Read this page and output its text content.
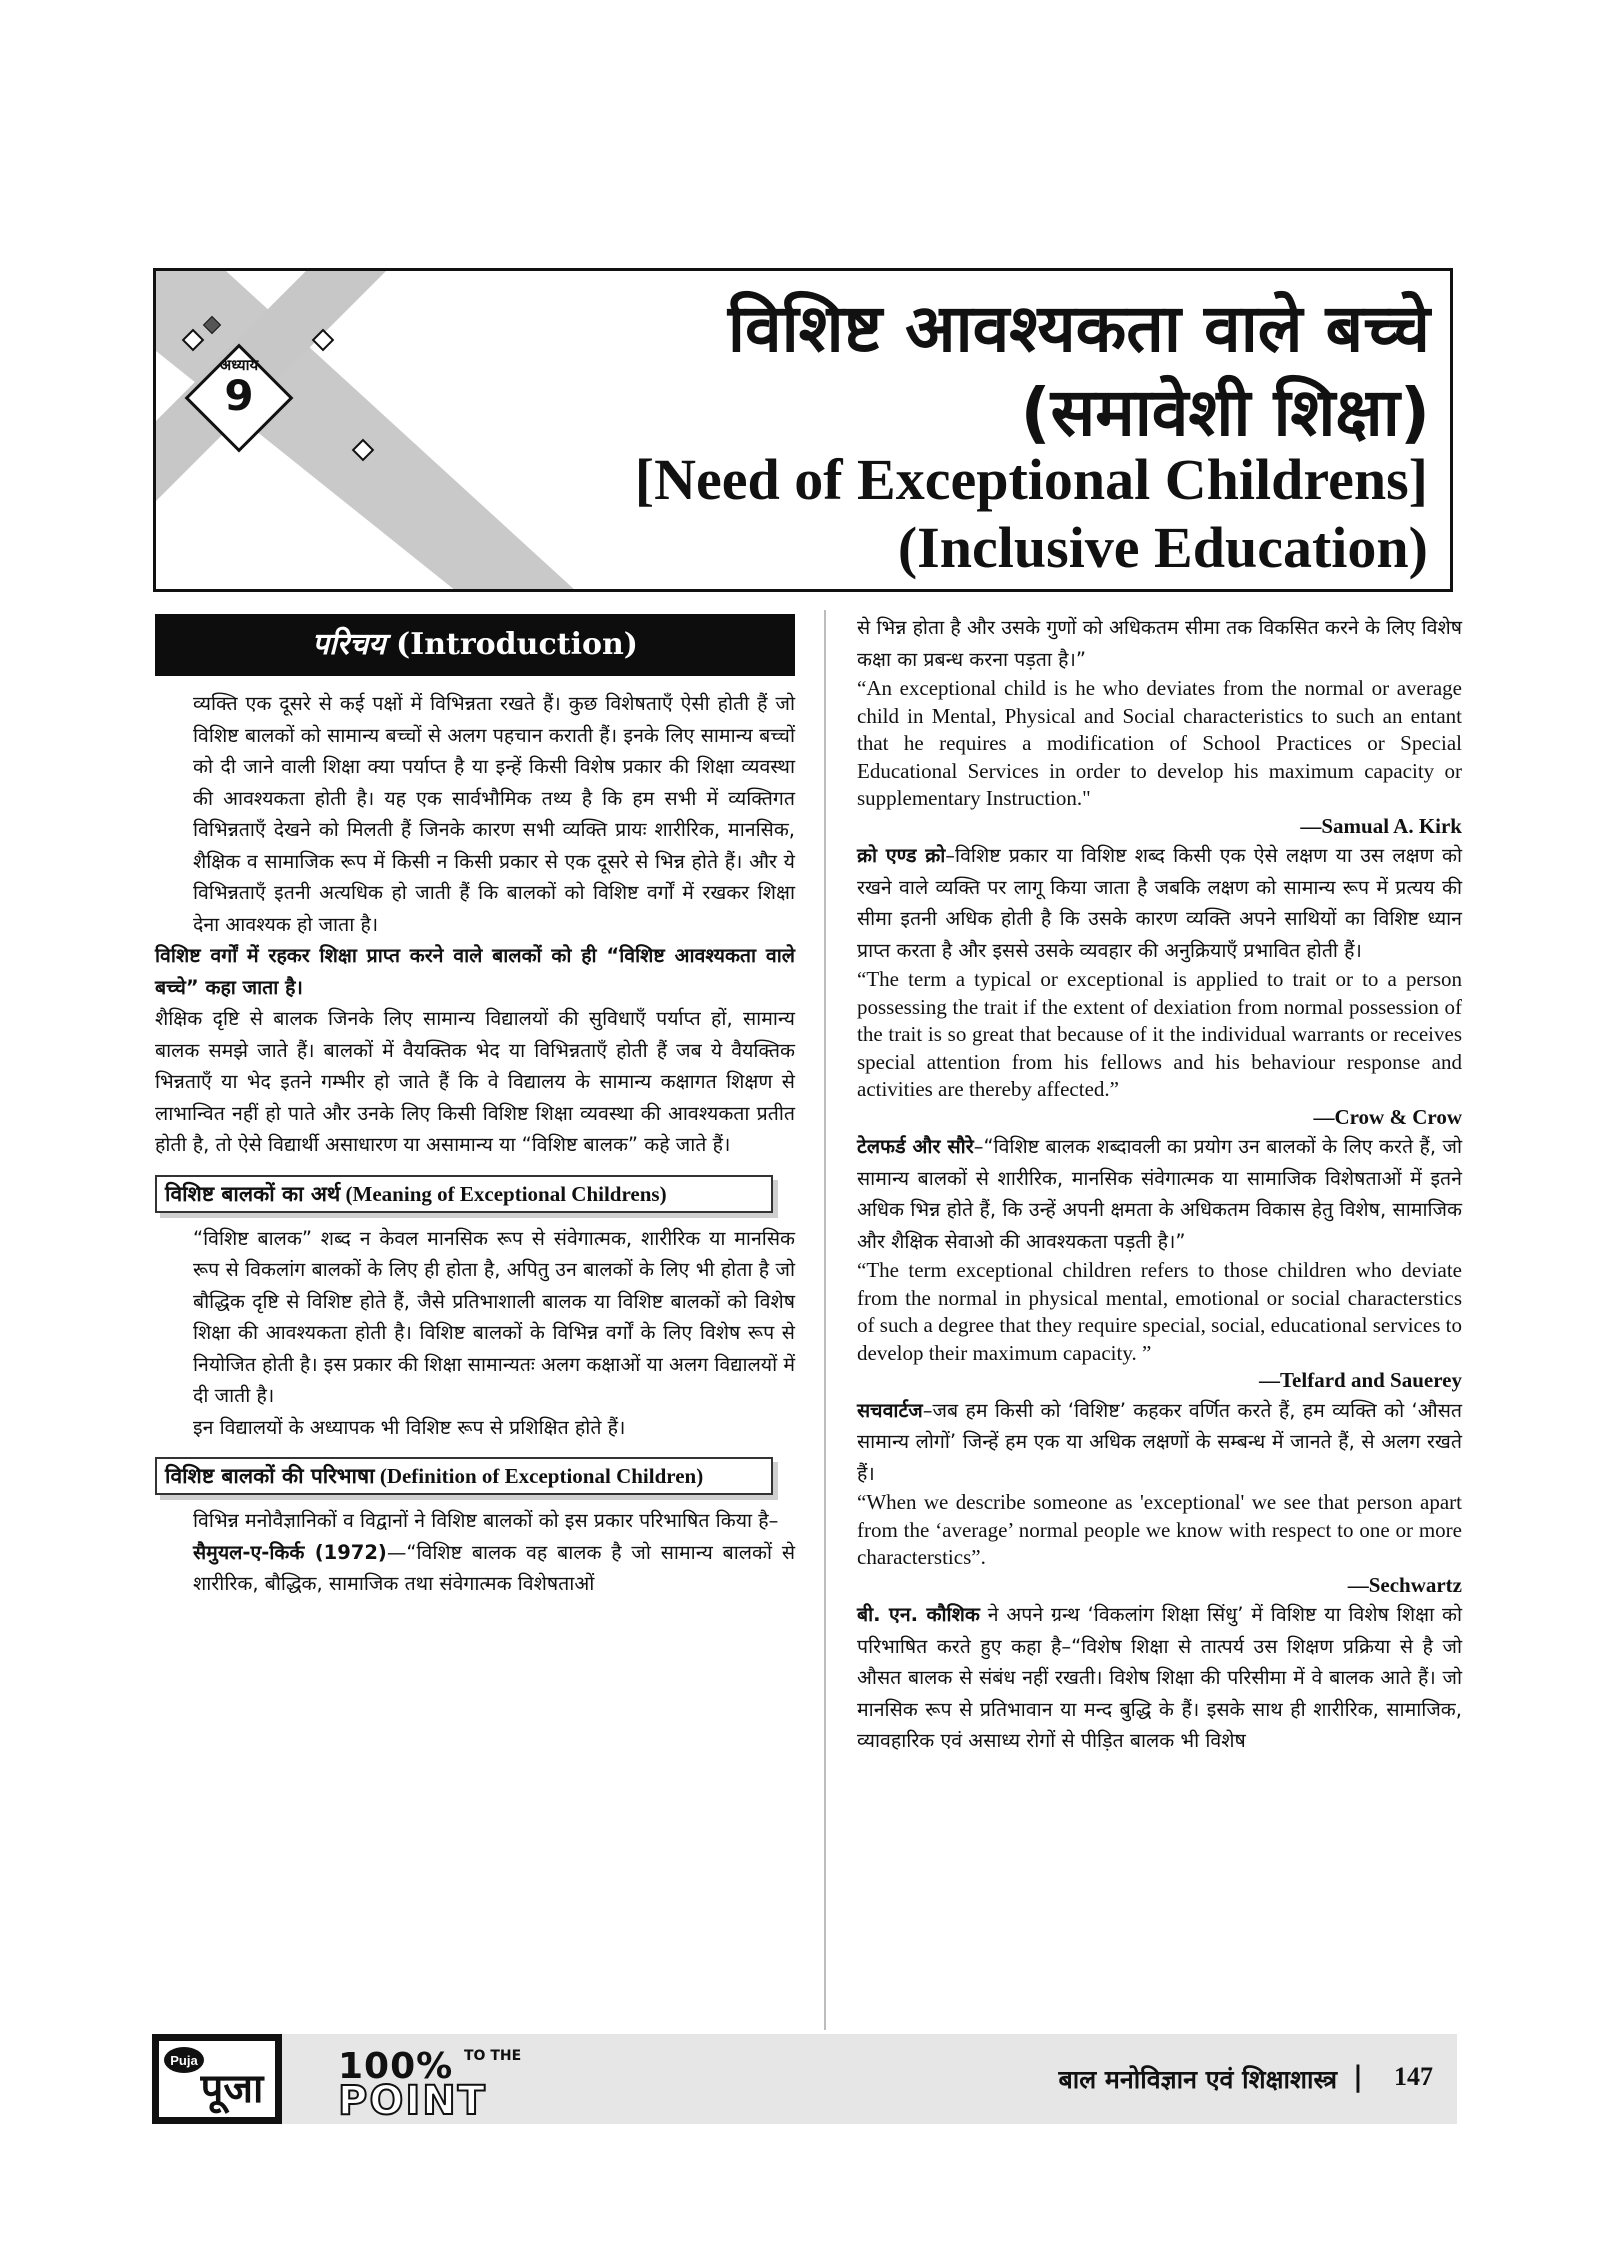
अध्याय
9
विशिष्ट आवश्यकता वाले बच्चे
(समावेशी शिक्षा)
[Need of Exceptional Childrens]
(Inclusive Education)
परिचय (Introduction)

व्यक्ति एक दूसरे से कई पक्षों में विभिन्नता रखते हैं। कुछ विशेषताएँ ऐसी होती हैं जो विशिष्ट बालकों को सामान्य बच्चों से अलग पहचान कराती हैं। इनके लिए सामान्य बच्चों को दी जाने वाली शिक्षा क्या पर्याप्त है या इन्हें किसी विशेष प्रकार की शिक्षा व्यवस्था की आवश्यकता होती है। यह एक सार्वभौमिक तथ्य है कि हम सभी में व्यक्तिगत विभिन्नताएँ देखने को मिलती हैं जिनके कारण सभी व्यक्ति प्रायः शारीरिक, मानसिक, शैक्षिक व सामाजिक रूप में किसी न किसी प्रकार से एक दूसरे से भिन्न होते हैं। और ये विभिन्नताएँ इतनी अत्यधिक हो जाती हैं कि बालकों को विशिष्ट वर्गों में रखकर शिक्षा देना आवश्यक हो जाता है।

विशिष्ट वर्गों में रहकर शिक्षा प्राप्त करने वाले बालकों को ही “विशिष्ट आवश्यकता वाले बच्चे” कहा जाता है।

शैक्षिक दृष्टि से बालक जिनके लिए सामान्य विद्यालयों की सुविधाएँ पर्याप्त हों, सामान्य बालक समझे जाते हैं। बालकों में वैयक्तिक भेद या विभिन्नताएँ होती हैं जब ये वैयक्तिक भिन्नताएँ या भेद इतने गम्भीर हो जाते हैं कि वे विद्यालय के सामान्य कक्षागत शिक्षण से लाभान्वित नहीं हो पाते और उनके लिए किसी विशिष्ट शिक्षा व्यवस्था की आवश्यकता प्रतीत होती है, तो ऐसे विद्यार्थी असाधारण या असामान्य या “विशिष्ट बालक” कहे जाते हैं।

विशिष्ट बालकों का अर्थ (Meaning of Exceptional Childrens)

“विशिष्ट बालक” शब्द न केवल मानसिक रूप से संवेगात्मक, शारीरिक या मानसिक रूप से विकलांग बालकों के लिए ही होता है, अपितु उन बालकों के लिए भी होता है जो बौद्धिक दृष्टि से विशिष्ट होते हैं, जैसे प्रतिभाशाली बालक या विशिष्ट बालकों को विशेष शिक्षा की आवश्यकता होती है। विशिष्ट बालकों के विभिन्न वर्गों के लिए विशेष रूप से नियोजित होती है। इस प्रकार की शिक्षा सामान्यतः अलग कक्षाओं या अलग विद्यालयों में दी जाती है।

इन विद्यालयों के अध्यापक भी विशिष्ट रूप से प्रशिक्षित होते हैं।

विशिष्ट बालकों की परिभाषा (Definition of Exceptional Children)

विभिन्न मनोवैज्ञानिकों व विद्वानों ने विशिष्ट बालकों को इस प्रकार परिभाषित किया है–

सैमुयल-ए-किर्क (1972)—“विशिष्ट बालक वह बालक है जो सामान्य बालकों से शारीरिक, बौद्धिक, सामाजिक तथा संवेगात्मक विशेषताओं

से भिन्न होता है और उसके गुणों को अधिकतम सीमा तक विकसित करने के लिए विशेष कक्षा का प्रबन्ध करना पड़ता है।”

“An exceptional child is he who deviates from the normal or average child in Mental, Physical and Social characteristics to such an entant that he requires a modification of School Practices or Special Educational Services in order to develop his maximum capacity or supplementary Instruction."

—Samual A. Kirk

क्रो एण्ड क्रो–विशिष्ट प्रकार या विशिष्ट शब्द किसी एक ऐसे लक्षण या उस लक्षण को रखने वाले व्यक्ति पर लागू किया जाता है जबकि लक्षण को सामान्य रूप में प्रत्यय की सीमा इतनी अधिक होती है कि उसके कारण व्यक्ति अपने साथियों का विशिष्ट ध्यान प्राप्त करता है और इससे उसके व्यवहार की अनुक्रियाएँ प्रभावित होती हैं।

“The term a typical or exceptional is applied to trait or to a person possessing the trait if the extent of dexiation from normal possession of the trait is so great that because of it the individual warrants or receives special attention from his fellows and his behaviour response and activities are thereby affected.”

—Crow & Crow

टेलफर्ड और सौरे–“विशिष्ट बालक शब्दावली का प्रयोग उन बालकों के लिए करते हैं, जो सामान्य बालकों से शारीरिक, मानसिक संवेगात्मक या सामाजिक विशेषताओं में इतने अधिक भिन्न होते हैं, कि उन्हें अपनी क्षमता के अधिकतम विकास हेतु विशेष, सामाजिक और शैक्षिक सेवाओ की आवश्यकता पड़ती है।”

“The term exceptional children refers to those children who deviate from the normal in physical mental, emotional or social characterstics of such a degree that they require special, social, educational services to develop their maximum capacity. ”

—Telfard and Sauerey

सचवार्टज–जब हम किसी को ‘विशिष्ट’ कहकर वर्णित करते हैं, हम व्यक्ति को ‘औसत सामान्य लोगों’ जिन्हें हम एक या अधिक लक्षणों के सम्बन्ध में जानते हैं, से अलग रखते हैं।

“When we describe someone as 'exceptional' we see that person apart from the ‘average’ normal people we know with respect to one or more characterstics”.

—Sechwartz

बी. एन. कौशिक ने अपने ग्रन्थ ‘विकलांग शिक्षा सिंधु’ में विशिष्ट या विशेष शिक्षा को परिभाषित करते हुए कहा है–“विशेष शिक्षा से तात्पर्य उस शिक्षण प्रक्रिया से है जो औसत बालक से संबंध नहीं रखती। विशेष शिक्षा की परिसीमा में वे बालक आते हैं। जो मानसिक रूप से प्रतिभावान या मन्द बुद्धि के हैं। इसके साथ ही शारीरिक, सामाजिक, व्यावहारिक एवं असाध्य रोगों से पीड़ित बालक भी विशेष

Puja
पूजा 100% TO THE
POINT	बाल मनोविज्ञान एवं शिक्षाशास्त्र | 147
